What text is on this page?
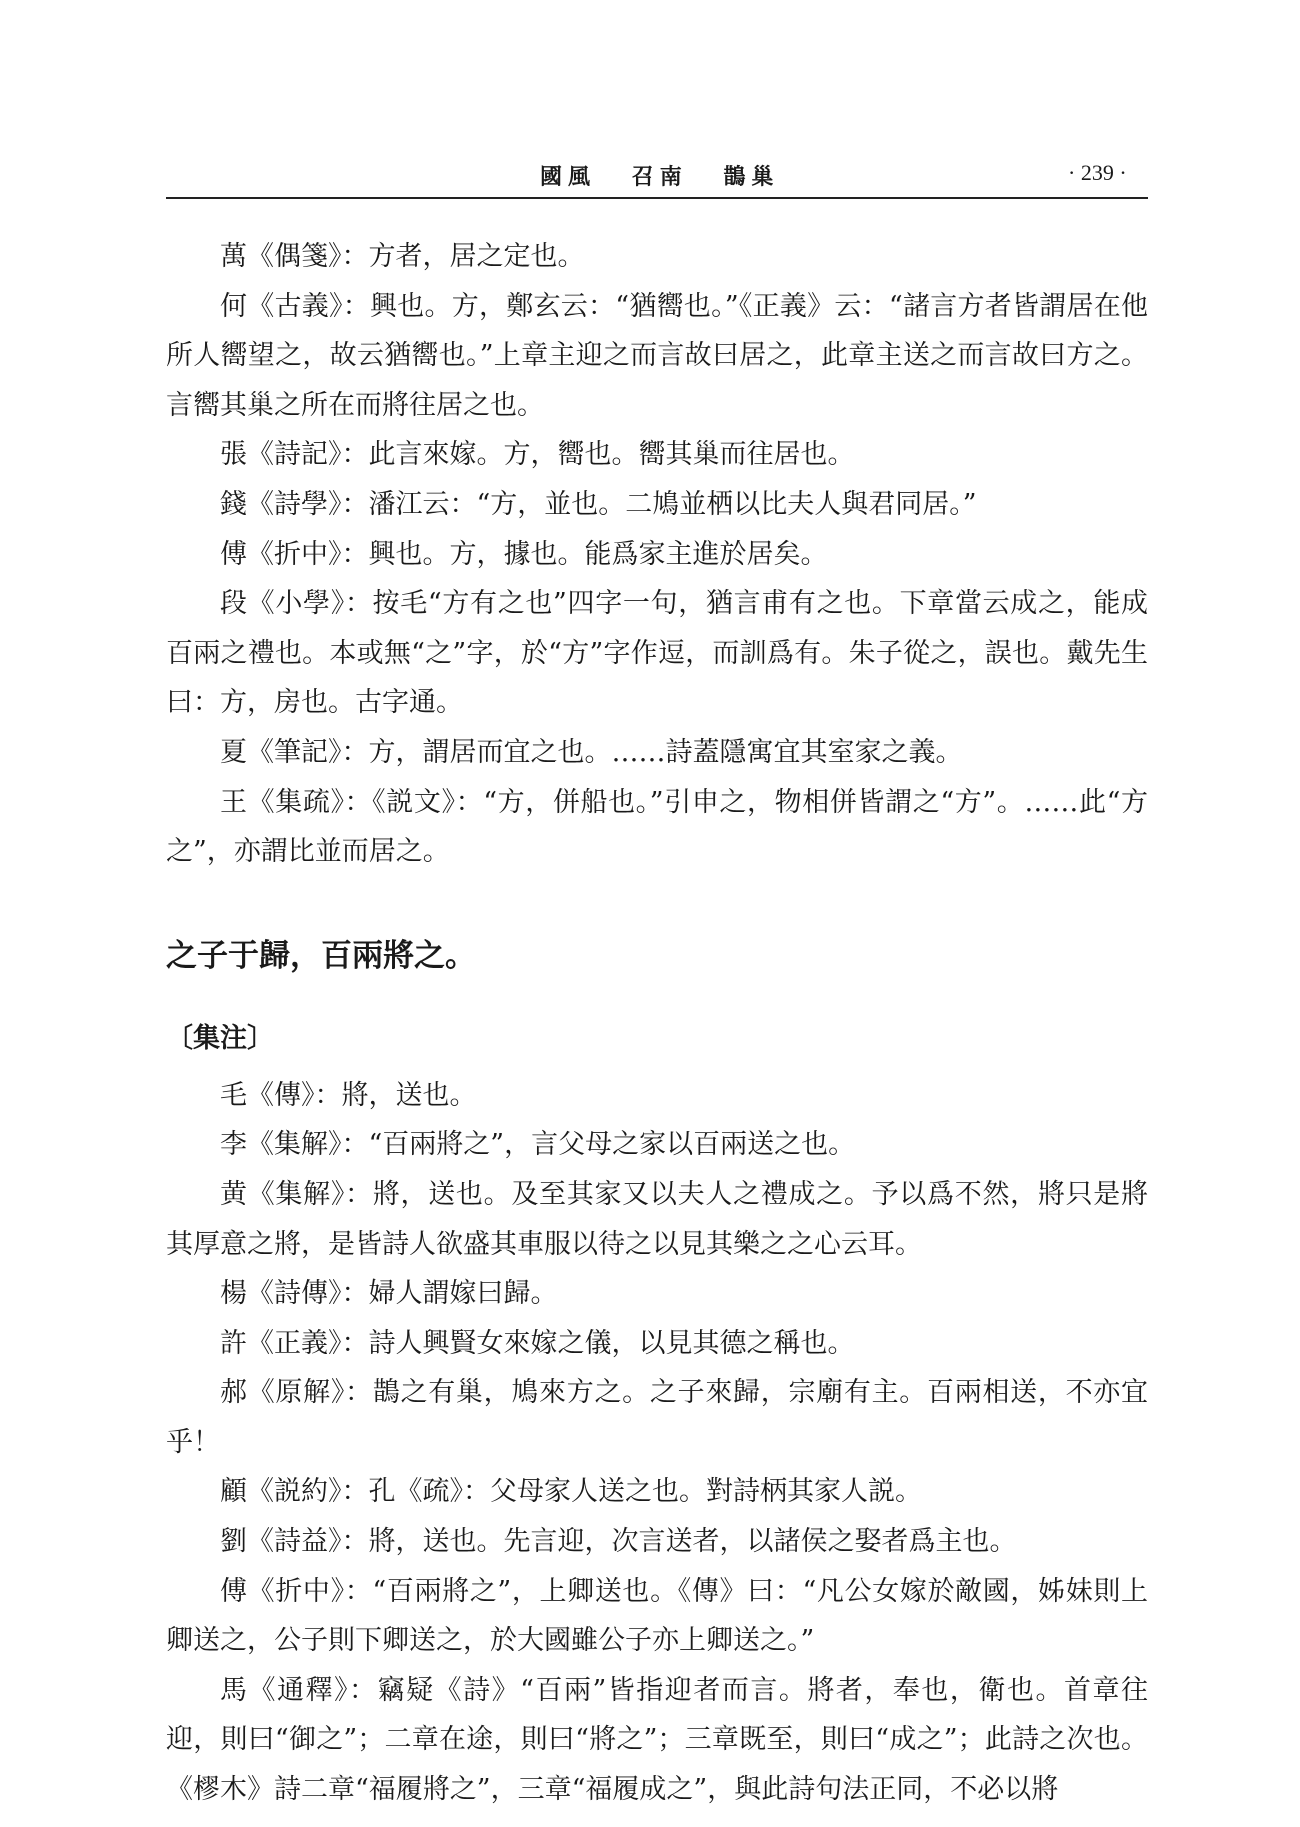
國風 召南 鵲巢	· 239 ·

萬《偶箋》：方者，居之定也。

何《古義》：興也。方，鄭玄云：“猶嚮也。”《正義》云：“諸言方者皆謂居在他所人嚮望之，故云猶嚮也。”上章主迎之而言故曰居之，此章主送之而言故曰方之。言嚮其巢之所在而將往居之也。

張《詩記》：此言來嫁。方，嚮也。嚮其巢而往居也。

錢《詩學》：潘江云：“方，並也。二鳩並栖以比夫人與君同居。”

傅《折中》：興也。方，據也。能爲家主進於居矣。

段《小學》：按毛“方有之也”四字一句，猶言甫有之也。下章當云成之，能成百兩之禮也。本或無“之”字，於“方”字作逗，而訓爲有。朱子從之，誤也。戴先生曰：方，房也。古字通。

夏《筆記》：方，謂居而宜之也。……詩蓋隱寓宜其室家之義。

王《集疏》：《説文》：“方，併船也。”引申之，物相併皆謂之“方”。……此“方之”，亦謂比並而居之。

之子于歸，百兩將之。
〔集注〕

毛《傳》：將，送也。

李《集解》：“百兩將之”，言父母之家以百兩送之也。

黄《集解》：將，送也。及至其家又以夫人之禮成之。予以爲不然，將只是將其厚意之將，是皆詩人欲盛其車服以待之以見其樂之之心云耳。

楊《詩傳》：婦人謂嫁曰歸。

許《正義》：詩人興賢女來嫁之儀，以見其德之稱也。

郝《原解》：鵲之有巢，鳩來方之。之子來歸，宗廟有主。百兩相送，不亦宜乎！

顧《説約》：孔《疏》：父母家人送之也。對詩柄其家人説。

劉《詩益》：將，送也。先言迎，次言送者，以諸侯之娶者爲主也。

傅《折中》：“百兩將之”，上卿送也。《傳》曰：“凡公女嫁於敵國，姊妹則上卿送之，公子則下卿送之，於大國雖公子亦上卿送之。”

馬《通釋》：竊疑《詩》“百兩”皆指迎者而言。將者，奉也，衛也。首章往迎，則曰“御之”；二章在途，則曰“將之”；三章既至，則曰“成之”；此詩之次也。《樛木》詩二章“福履將之”，三章“福履成之”，與此詩句法正同，不必以將
